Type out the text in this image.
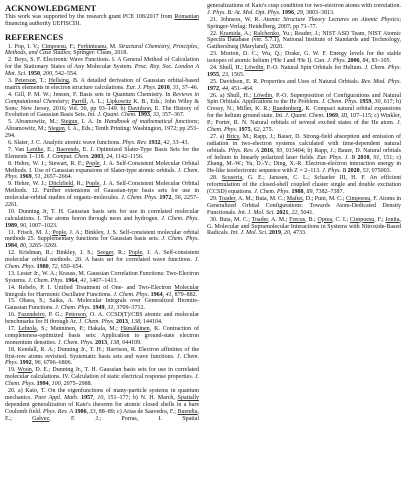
ACKNOWLEDGMENT

This work was supported by the research grant PCE 108/2017 from Romanian financing authority UEFISCDI.

REFERENCES

1. Pop, I. V.; Cimpoesu, F.; Ferbinteanu, M. Structural Chemistry, Principles, Methods, and Case Studies; Springer: Cham, 2018.

2. Boys, S. F. Electronic Wave Functions. I. A General Method of Calculation for the Stationary States of Any Molecular System. Proc. Roy. Soc. London A Mat. Sci. 1950, 200, 542–554.

3. Peterson, T.; Hellsing, B. A detailed derivation of Gaussian orbital-based matrix elements in electron structure calculations. Eur. J. Phys. 2010, 31, 37–46.

4. Gill, P. M. W.; Jensen, F. Basis sets in Quantum Chemistry. In Reviews in Computational Chemistry; Parrill, A. L.; Lipkowitz K. B., Eds.; John Wiley & Sons: New Jersey, 2016; Vol. 30, pp 93–149. b) Davidson, E. The History of Evolution of Gaussian Basis Sets. Int. J. Quant. Chem. 1993, 33, 357–367.

5. Abramowitz, M.; Stegun, I. A. In Handbook of mathematical functions; Abramowitz, M.; Stegun, I. A., Eds.; Tenth Printing: Washington, 1972; pp 253–294.

6. Slater, J. C. Analytic atomic wave functions. Phys. Rev. 1932, 42, 33–43.

7. Van Lenthe, E.; Baerends, E. J. Optimized Slater-Type Basis Sets for the Elements 1–118. J. Comput. Chem. 2003, 24, 1142–1156.

8. Hehre, W. J.; Stewart, R. F.; Pople, J. A. Self-Consistent Molecular Orbital Methods. I. Use of Gaussian expansions of Slater-type atomic orbitals. J. Chem. Phys. 1969, 51, 2657–2664.

9. Hehre, W. J.; Ditchfield, R.; Pople, J. A. Self-Consistent Molecular Orbital Methods. 12. Further extensions of Gaussian-type basis sets for use in molecular-orbital studies of organic-molecules. J. Chem. Phys. 1972, 56, 2257–2261.

10. Dunning Jr, T. H. Gaussian basis sets for use in correlated molecular calculations. I. The atoms boron through neon and hydrogen. J. Chem. Phys. 1989, 90, 1007–1023.

11. Frisch, M. J.; Pople, J. A.; Binkley, J. S. Self-consistent molecular orbital methods 25. Supplementary functions for Gaussian basis sets. J. Chem. Phys. 1984, 80, 3265–3269.

12. Krishnan, R.; Binkley, J. S.; Seeger, R.; Pople, J. A. Self-consistent molecular orbital methods. 20. A basis set for correlated wave functions. J. Chem. Phys. 1980, 72, 650–654.

13. Lester Jr., W. A.; Krauss, M. Gaussian Correlation Functions: Two-Electron Systems. J. Chem. Phys. 1964, 41, 1407–1413.

14. Rebelo, P. I. Unified Treatment of One- and Two-Electron Molecular Integrals for Harmonic Oscillator Functions. J. Chem. Phys. 1964, 41, 879–882.

15. Obara, S.; Saika, A. Molecular Integrals over Generalized Hermite-Gaussian Functions. J. Chem. Phys. 1949, 31, 3709–3712.

16. Fazendeiro, P. G.; Peterson, O. A. CCSD(T)/CBS atomic and molecular benchmarks for H through Ar. J. Chem. Phys. 2013, 138, 144104.

17. Lehtola, S.; Manninen, P.; Hakala, M.; Hämäläinen, K. Contraction of completeness-optimized basis sets: Application to ground-state electron momentum densities. J. Chem. Phys. 2013, 138, 044109.

18. Kendall, R. A.; Dunning Jr., T. H.; Harrison, R. Electron affinities of the first-row atoms revisited. Systematic basis sets and wave functions. J. Chem. Phys. 1992, 96, 6796–6806.

19. Woon, D. E.; Dunning Jr., T. H. Gaussian basis sets for use in correlated molecular calculations. IV. Calculation of static electrical response properties. J. Chem. Phys. 1994, 100, 2975–2988.

20. a) Kato, T. On the eigenfunctions of many-particle systems in quantum mechanics. Pure Appl. Math. 1957, 10, 151–177; b) N. H. March, Spatially dependent generalization of Kato's theorem for atomic closed shells in a bare Coulomb field. Phys. Rev. A 1986, 33, 88–89; c) Arias de Saavedra, F.; Buendia, E.; Galvez, F. J.; Porras, I. Spatial

generalizations of Kato's cusp condition for two-electron atoms with correlation. J. Phys. B: At. Mol. Opt. Phys. 1996, 29, 3803–3813.

21. Johnson, W. R. Atomic Structure Theory Lectures on Atomic Physics; Springer-Verlag: Heidelberg, 2007; pp 71–77.

22. Kramida, A.; Ralchenko, Yu.; Reader, J.; NIST ASD Team, NIST Atomic Spectra Database (ver. 5.7.1), National Institute of Standards and Technology, Gaithersburg (Maryland), 2020.

23. Morton, D. C.; Wu, Q.; Drake, G. W. F. Energy levels for the stable isotopes of atomic helium (⁴He I and ³He I). Can. J. Phys. 2006, 84, 83–105.

24. Shull, H.; Löwdin, P.-O. Natural Spin Orbitals for Helium. J. Chem. Phys. 1955, 23, 1565.

25. Davidson, E. R. Properties and Uses of Natural Orbitals. Rev. Mod. Phys. 1972, 44, 451–464.

26. a) Shull, H.; Löwdin, P.-O. Superposition of Configurations and Natural Spin Orbitals. Applications to the He Problem. J. Chem. Phys. 1959, 30, 617; b) Cressy, N.; Miller, K. R.; Ruedenberg, K. Compact natural orbital expansions for the helium ground state. Int. J. Quant. Chem. 1969, III, 107–115; c) Winkler, P.; Porter, R. N. Natural orbitals of several excited states of the He atom. J. Chem. Phys. 1975, 62, 275.

27. a) Brics, M.; Rapp, J.; Bauer, D. Strong-field absorption and emission of radiation in two-electron systems calculated with time-dependent natural orbitals. Phys. Rev. A 2016, 93, 013404; b) Rapp, J.; Bauer, D. Natural orbitals of helium in linearly polarized laser fields. Eur. Phys. J. B 2018, 91, 151; c) Zhang, M.-W.; Yu, D.-Y.; Ding, X.-R. Electron-electron interaction energy in He-like isoelectronic sequence with Z = 2–113. J. Phys. B 2020, 53, 075003.

28. Scuseria, G. E.; Janssen, C. L.; Schaefer III, H. F. An efficient reformulation of the closed-shell coupled cluster single and double excitation (CCSD) equations. J. Chem. Phys. 1988, 89, 7382–7387.

29. Toader, A. M.; Buta, M. C.; Maftei, D.; Puni, M. C.; Cimpoesu, F. Atoms in Generalized Orbital Configurations: Towards Atom-Dedicated Density Functionals. Int. J. Mol. Sci. 2021, 22, 5041.

30. Buta, M. C.; Toader, A. M.; Frecus, B.; Oprea, C. I.; Cimpoesu, F.; Ionita, G. Molecular and Supramolecular Interactions in Systems with Nitroxide-Based Radicals. Int. J. Mol. Sci. 2019, 20, 4733.
